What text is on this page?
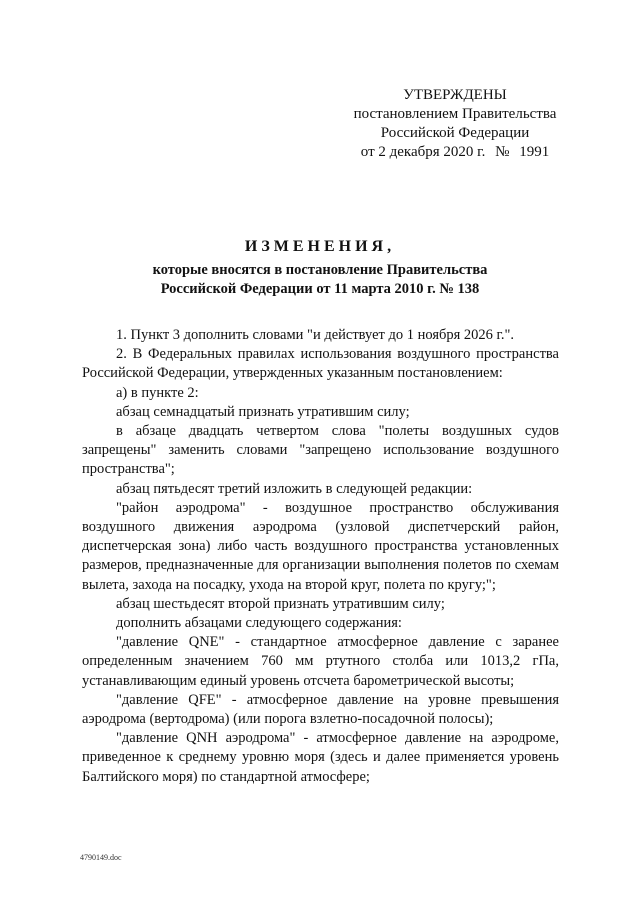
УТВЕРЖДЕНЫ
постановлением Правительства
Российской Федерации
от 2 декабря 2020 г. № 1991
ИЗМЕНЕНИЯ,
которые вносятся в постановление Правительства
Российской Федерации от 11 марта 2010 г. № 138

1. Пункт 3 дополнить словами "и действует до 1 ноября 2026 г.".

2. В Федеральных правилах использования воздушного пространства Российской Федерации, утвержденных указанным постановлением:

а) в пункте 2:

абзац семнадцатый признать утратившим силу;

в абзаце двадцать четвертом слова "полеты воздушных судов запрещены" заменить словами "запрещено использование воздушного пространства";

абзац пятьдесят третий изложить в следующей редакции:

"район аэродрома" - воздушное пространство обслуживания воздушного движения аэродрома (узловой диспетчерский район, диспетчерская зона) либо часть воздушного пространства установленных размеров, предназначенные для организации выполнения полетов по схемам вылета, захода на посадку, ухода на второй круг, полета по кругу;";

абзац шестьдесят второй признать утратившим силу;

дополнить абзацами следующего содержания:

"давление QNE" - стандартное атмосферное давление с заранее определенным значением 760 мм ртутного столба или 1013,2 гПа, устанавливающим единый уровень отсчета барометрической высоты;

"давление QFE" - атмосферное давление на уровне превышения аэродрома (вертодрома) (или порога взлетно-посадочной полосы);

"давление QNH аэродрома" - атмосферное давление на аэродроме, приведенное к среднему уровню моря (здесь и далее применяется уровень Балтийского моря) по стандартной атмосфере;

4790149.doc
